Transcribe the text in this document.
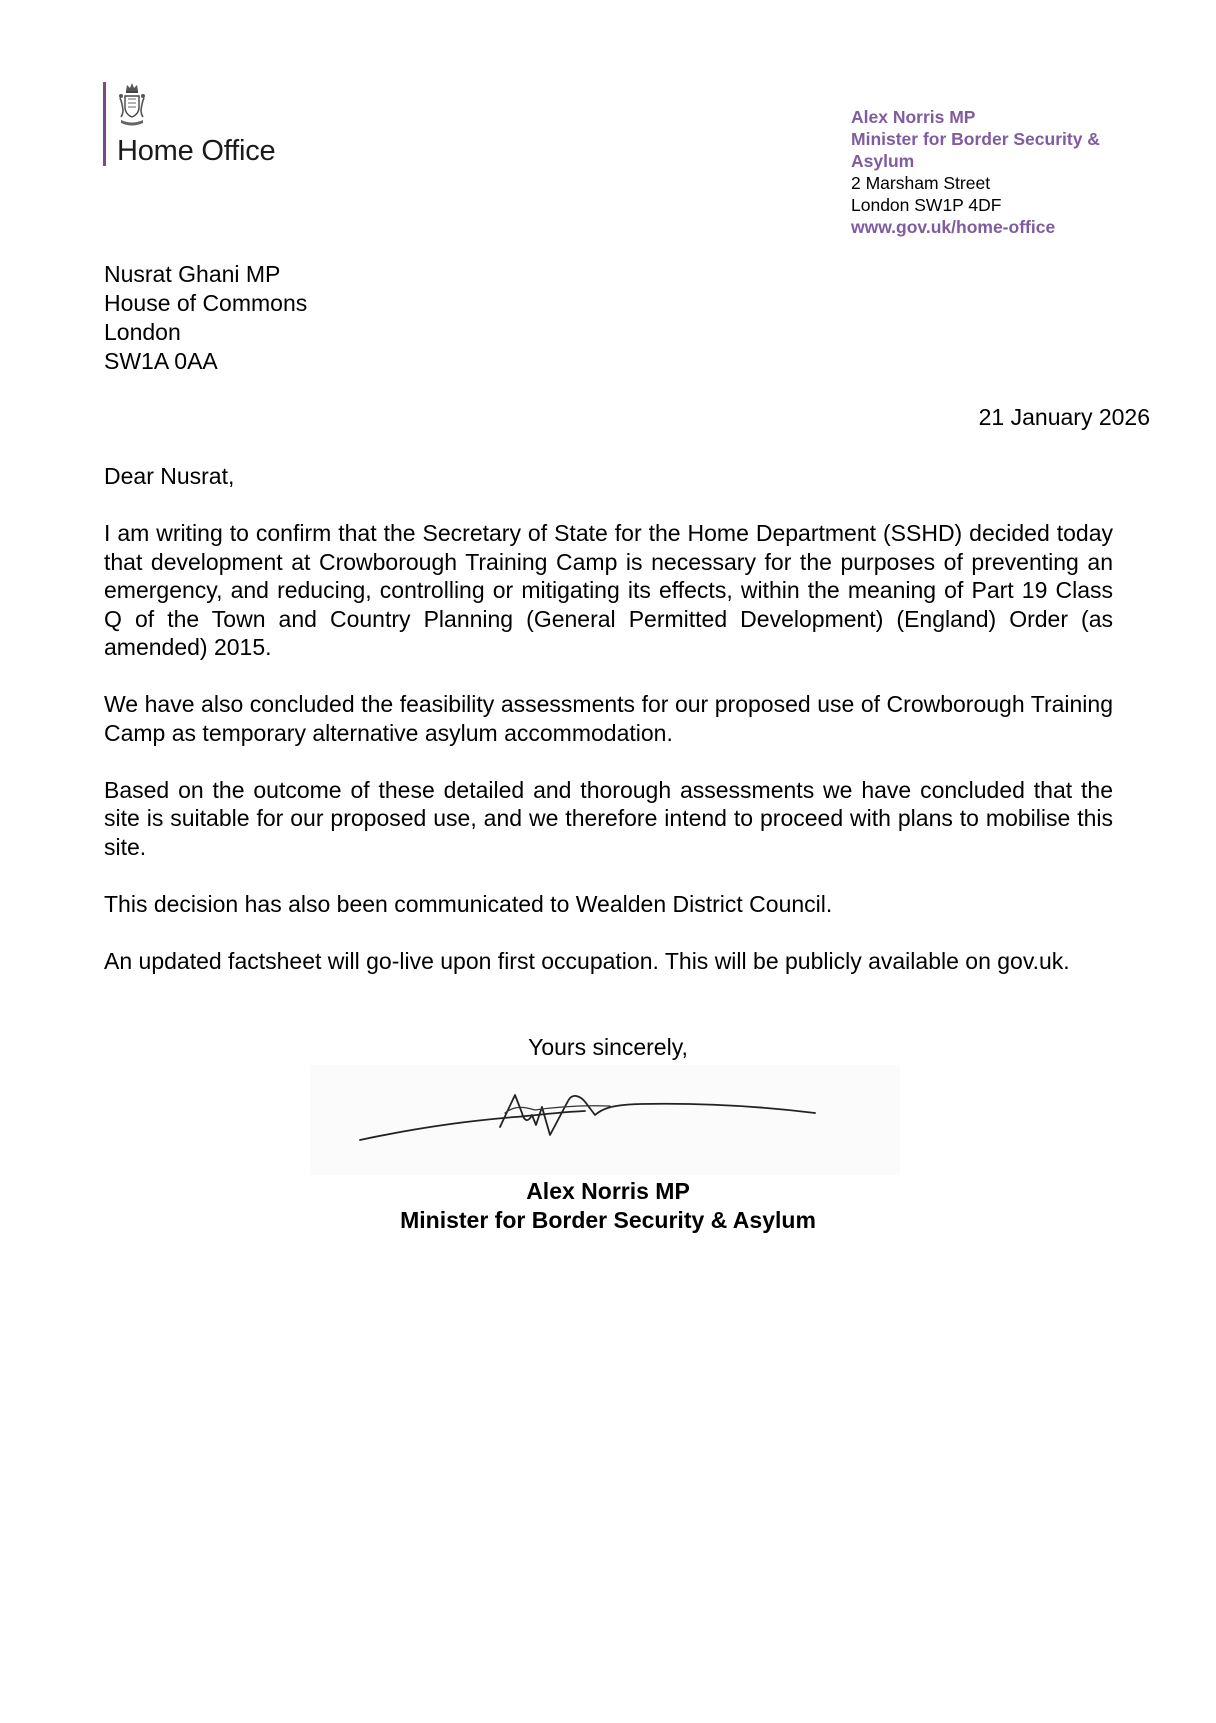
Home Office
Alex Norris MP
Minister for Border Security & Asylum
2 Marsham Street
London SW1P 4DF
www.gov.uk/home-office
Nusrat Ghani MP
House of Commons
London
SW1A 0AA
21 January 2026
Dear Nusrat,

I am writing to confirm that the Secretary of State for the Home Department (SSHD) decided today that development at Crowborough Training Camp is necessary for the purposes of preventing an emergency, and reducing, controlling or mitigating its effects, within the meaning of Part 19 Class Q of the Town and Country Planning (General Permitted Development) (England) Order (as amended) 2015.

We have also concluded the feasibility assessments for our proposed use of Crowborough Training Camp as temporary alternative asylum accommodation.

Based on the outcome of these detailed and thorough assessments we have concluded that the site is suitable for our proposed use, and we therefore intend to proceed with plans to mobilise this site.

This decision has also been communicated to Wealden District Council.

An updated factsheet will go-live upon first occupation. This will be publicly available on gov.uk.

Yours sincerely,
Alex Norris MP
Minister for Border Security & Asylum
